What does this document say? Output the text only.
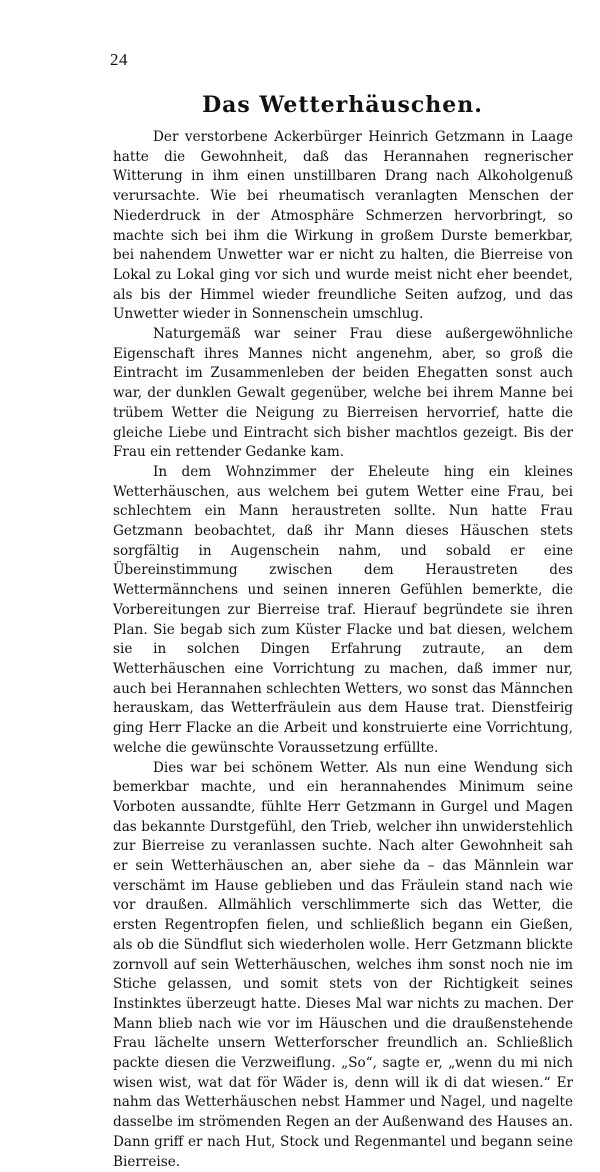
24
Das Wetterhäuschen.

Der verstorbene Ackerbürger Heinrich Getzmann in Laage hatte die Gewohnheit, daß das Herannahen regnerischer Witterung in ihm einen unstillbaren Drang nach Alkoholgenuß verursachte. Wie bei rheumatisch veranlagten Menschen der Niederdruck in der Atmosphäre Schmerzen hervorbringt, so machte sich bei ihm die Wirkung in großem Durste bemerkbar, bei nahendem Unwetter war er nicht zu halten, die Bierreise von Lokal zu Lokal ging vor sich und wurde meist nicht eher beendet, als bis der Himmel wieder freundliche Seiten aufzog, und das Unwetter wieder in Sonnenschein umschlug.

Naturgemäß war seiner Frau diese außergewöhnliche Eigenschaft ihres Mannes nicht angenehm, aber, so groß die Eintracht im Zusammenleben der beiden Ehegatten sonst auch war, der dunklen Gewalt gegenüber, welche bei ihrem Manne bei trübem Wetter die Neigung zu Bierreisen hervorrief, hatte die gleiche Liebe und Eintracht sich bisher machtlos gezeigt. Bis der Frau ein rettender Gedanke kam.

In dem Wohnzimmer der Eheleute hing ein kleines Wetterhäuschen, aus welchem bei gutem Wetter eine Frau, bei schlechtem ein Mann heraustreten sollte. Nun hatte Frau Getzmann beobachtet, daß ihr Mann dieses Häuschen stets sorgfältig in Augenschein nahm, und sobald er eine Übereinstimmung zwischen dem Heraustreten des Wettermännchens und seinen inneren Gefühlen bemerkte, die Vorbereitungen zur Bierreise traf. Hierauf begründete sie ihren Plan. Sie begab sich zum Küster Flacke und bat diesen, welchem sie in solchen Dingen Erfahrung zutraute, an dem Wetterhäuschen eine Vorrichtung zu machen, daß immer nur, auch bei Herannahen schlechten Wetters, wo sonst das Männchen herauskam, das Wetterfräulein aus dem Hause trat. Dienstfeirig ging Herr Flacke an die Arbeit und konstruierte eine Vorrichtung, welche die gewünschte Voraussetzung erfüllte.

Dies war bei schönem Wetter. Als nun eine Wendung sich bemerkbar machte, und ein herannahendes Minimum seine Vorboten aussandte, fühlte Herr Getzmann in Gurgel und Magen das bekannte Durstgefühl, den Trieb, welcher ihn unwiderstehlich zur Bierreise zu veranlassen suchte. Nach alter Gewohnheit sah er sein Wetterhäuschen an, aber siehe da – das Männlein war verschämt im Hause geblieben und das Fräulein stand nach wie vor draußen. Allmählich verschlimmerte sich das Wetter, die ersten Regentropfen fielen, und schließlich begann ein Gießen, als ob die Sündflut sich wiederholen wolle. Herr Getzmann blickte zornvoll auf sein Wetterhäuschen, welches ihm sonst noch nie im Stiche gelassen, und somit stets von der Richtigkeit seines Instinktes überzeugt hatte. Dieses Mal war nichts zu machen. Der Mann blieb nach wie vor im Häuschen und die draußenstehende Frau lächelte unsern Wetterforscher freundlich an. Schließlich packte diesen die Verzweiflung. „So“, sagte er, „wenn du mi nich wisen wist, wat dat för Wäder is, denn will ik di dat wiesen.“ Er nahm das Wetterhäuschen nebst Hammer und Nagel, und nagelte dasselbe im strömenden Regen an der Außenwand des Hauses an. Dann griff er nach Hut, Stock und Regenmantel und begann seine Bierreise.
